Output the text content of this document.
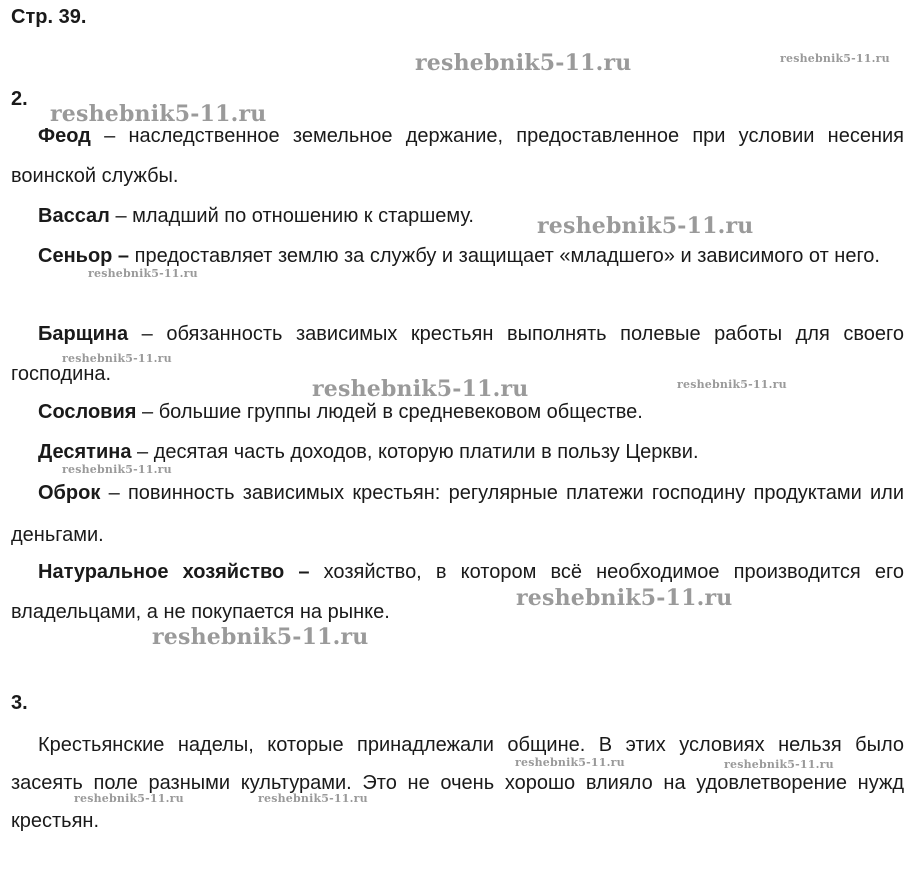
Стр. 39.
2.

Феод – наследственное земельное держание, предоставленное при условии несения воинской службы.

Вассал – младший по отношению к старшему.

Сеньор – предоставляет землю за службу и защищает «младшего» и зависимого от него.

Барщина – обязанность зависимых крестьян выполнять полевые работы для своего господина.

Сословия – большие группы людей в средневековом обществе.

Десятина – десятая часть доходов, которую платили в пользу Церкви.

Оброк – повинность зависимых крестьян: регулярные платежи господину продуктами или деньгами.

Натуральное хозяйство – хозяйство, в котором всё необходимое производится его владельцами, а не покупается на рынке.

3.

Крестьянские наделы, которые принадлежали общине. В этих условиях нельзя было засеять поле разными культурами. Это не очень хорошо влияло на удовлетворение нужд крестьян.

reshebnik5-11.ru	reshebnik5-11.ru
reshebnik5-11.ru
reshebnik5-11.ru
reshebnik5-11.ru
reshebnik5-11.ru
reshebnik5-11.ru	reshebnik5-11.ru
reshebnik5-11.ru
reshebnik5-11.ru
reshebnik5-11.ru
reshebnik5-11.ru	reshebnik5-11.ru
reshebnik5-11.ru	reshebnik5-11.ru
